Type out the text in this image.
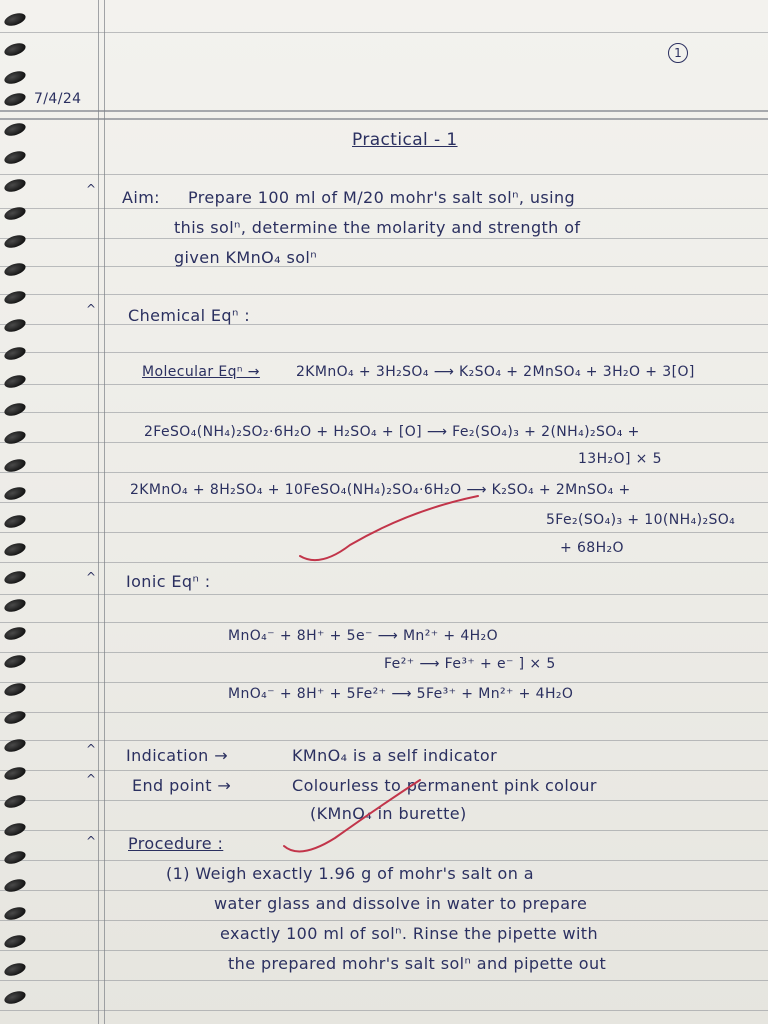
1
7/4/24
Practical - 1
^ Aim: Prepare 100 ml of M/20 mohr's salt solⁿ, using
this solⁿ, determine the molarity and strength of
given KMnO₄ solⁿ
^ Chemical Eqⁿ :
Molecular Eqⁿ →	2KMnO₄ + 3H₂SO₄ ⟶ K₂SO₄ + 2MnSO₄ + 3H₂O + 3[O]
2FeSO₄(NH₄)₂SO₂·6H₂O + H₂SO₄ + [O] ⟶ Fe₂(SO₄)₃ + 2(NH₄)₂SO₄ +
13H₂O] × 5
2KMnO₄ + 8H₂SO₄ + 10FeSO₄(NH₄)₂SO₄·6H₂O ⟶ K₂SO₄ + 2MnSO₄ +
5Fe₂(SO₄)₃ + 10(NH₄)₂SO₄
+ 68H₂O
^ Ionic Eqⁿ :
MnO₄⁻ + 8H⁺ + 5e⁻ ⟶ Mn²⁺ + 4H₂O
Fe²⁺ ⟶ Fe³⁺ + e⁻ ] × 5
MnO₄⁻ + 8H⁺ + 5Fe²⁺ ⟶ 5Fe³⁺ + Mn²⁺ + 4H₂O
^ Indication →	KMnO₄ is a self indicator
^ End point →	Colourless to permanent pink colour
(KMnO₄ in burette)
^ Procedure :
(1) Weigh exactly 1.96 g of mohr's salt on a
water glass and dissolve in water to prepare
exactly 100 ml of solⁿ. Rinse the pipette with
the prepared mohr's salt solⁿ and pipette out
